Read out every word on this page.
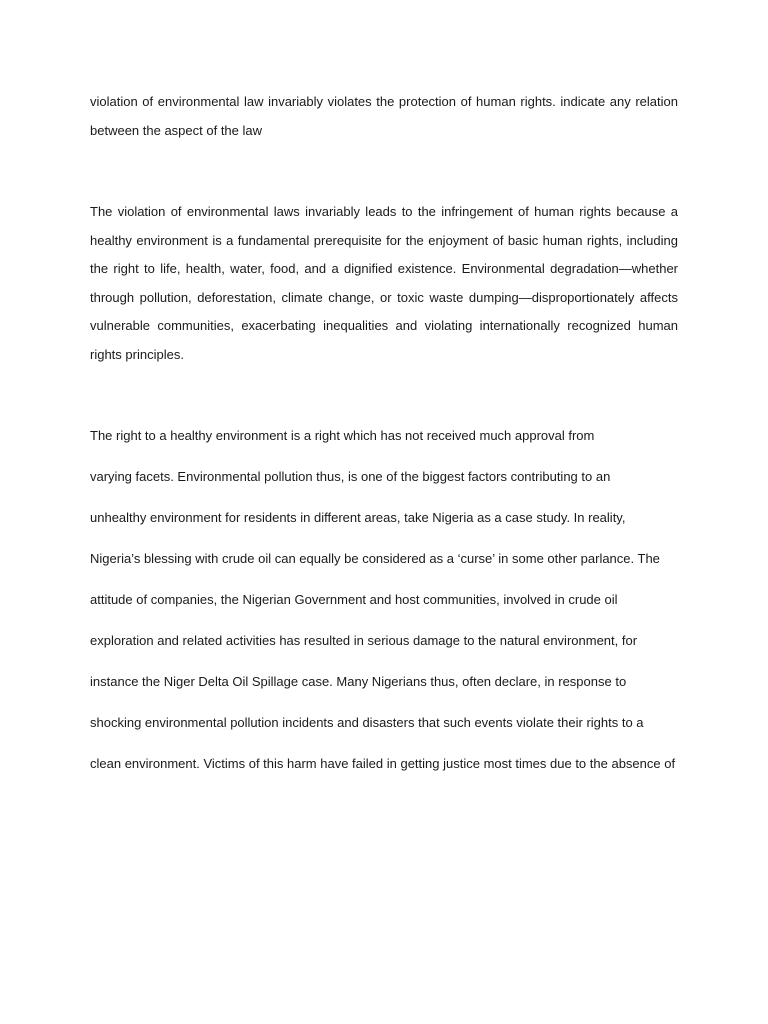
violation of environmental law invariably violates the protection of human rights. indicate any relation between the aspect of the law

The violation of environmental laws invariably leads to the infringement of human rights because a healthy environment is a fundamental prerequisite for the enjoyment of basic human rights, including the right to life, health, water, food, and a dignified existence. Environmental degradation—whether through pollution, deforestation, climate change, or toxic waste dumping—disproportionately affects vulnerable communities, exacerbating inequalities and violating internationally recognized human rights principles.

The right to a healthy environment is a right which has not received much approval from
varying facets. Environmental pollution thus, is one of the biggest factors contributing to an
unhealthy environment for residents in different areas, take Nigeria as a case study. In reality,
Nigeria’s blessing with crude oil can equally be considered as a ‘curse’ in some other parlance. The
attitude of companies, the Nigerian Government and host communities, involved in crude oil
exploration and related activities has resulted in serious damage to the natural environment, for
instance the Niger Delta Oil Spillage case. Many Nigerians thus, often declare, in response to
shocking environmental pollution incidents and disasters that such events violate their rights to a
clean environment. Victims of this harm have failed in getting justice most times due to the absence of
